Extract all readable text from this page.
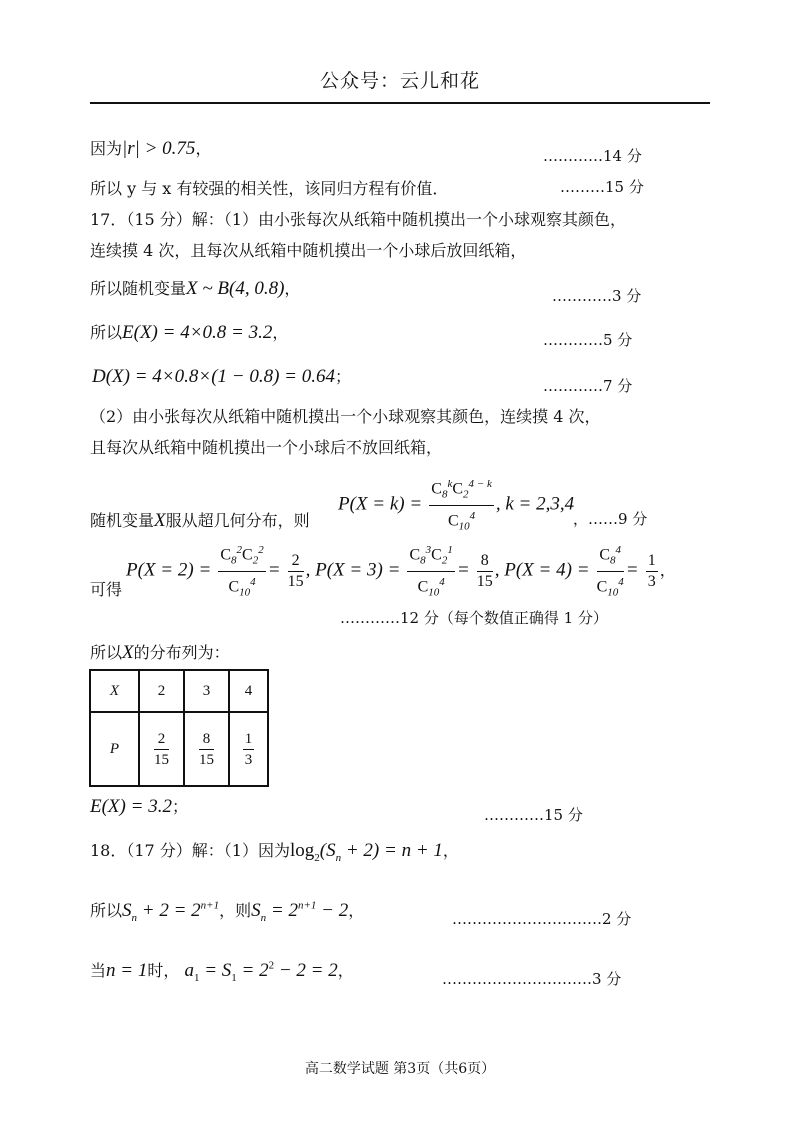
公众号：云儿和花
因为|r| > 0.75，	…………14 分
所以 y 与 x 有较强的相关性，该同归方程有价值．	………15 分
17．（15 分）解：（1）由小张每次从纸箱中随机摸出一个小球观察其颜色，
连续摸 4 次，且每次从纸箱中随机摸出一个小球后放回纸箱，
所以随机变量X ~ B(4, 0.8)，	…………3 分
所以E(X) = 4×0.8 = 3.2，	…………5 分
D(X) = 4×0.8×(1 − 0.8) = 0.64；	…………7 分
（2）由小张每次从纸箱中随机摸出一个小球观察其颜色，连续摸 4 次，
且每次从纸箱中随机摸出一个小球后不放回纸箱，
$P(X = k) = \frac{C_8^kC_2^{4 - k}}{C_{10}^4}$ , k = 2,3,4
随机变量X服从超几何分布，则	，……9 分
$P(X = 2) = \frac{C_8^2C_2^2}{C_{10}^4} = \frac{2}{15}$ , $P(X = 3) = \frac{C_8^3C_2^1}{C_{10}^4} = \frac{8}{15}$ , $P(X = 4) = \frac{C_8^4}{C_{10}^4} = \frac{1}{3}$ ，
可得
…………12 分（每个数值正确得 1 分）
所以X的分布列为：
X	2	3	4
P	$\frac{2}{15}$	$\frac{8}{15}$	$\frac{1}{3}$
E(X) = 3.2；	…………15 分
18．（17 分）解：（1）因为$\log_2(S_n + 2) = n + 1$，
所以$S_n + 2 = 2^{n+1}$，则$S_n = 2^{n+1} - 2$，	…………………………2 分
当n = 1时， $a_1 = S_1 = 2^2 - 2 = 2$，	…………………………3 分
高二数学试题 第3页（共6页）
